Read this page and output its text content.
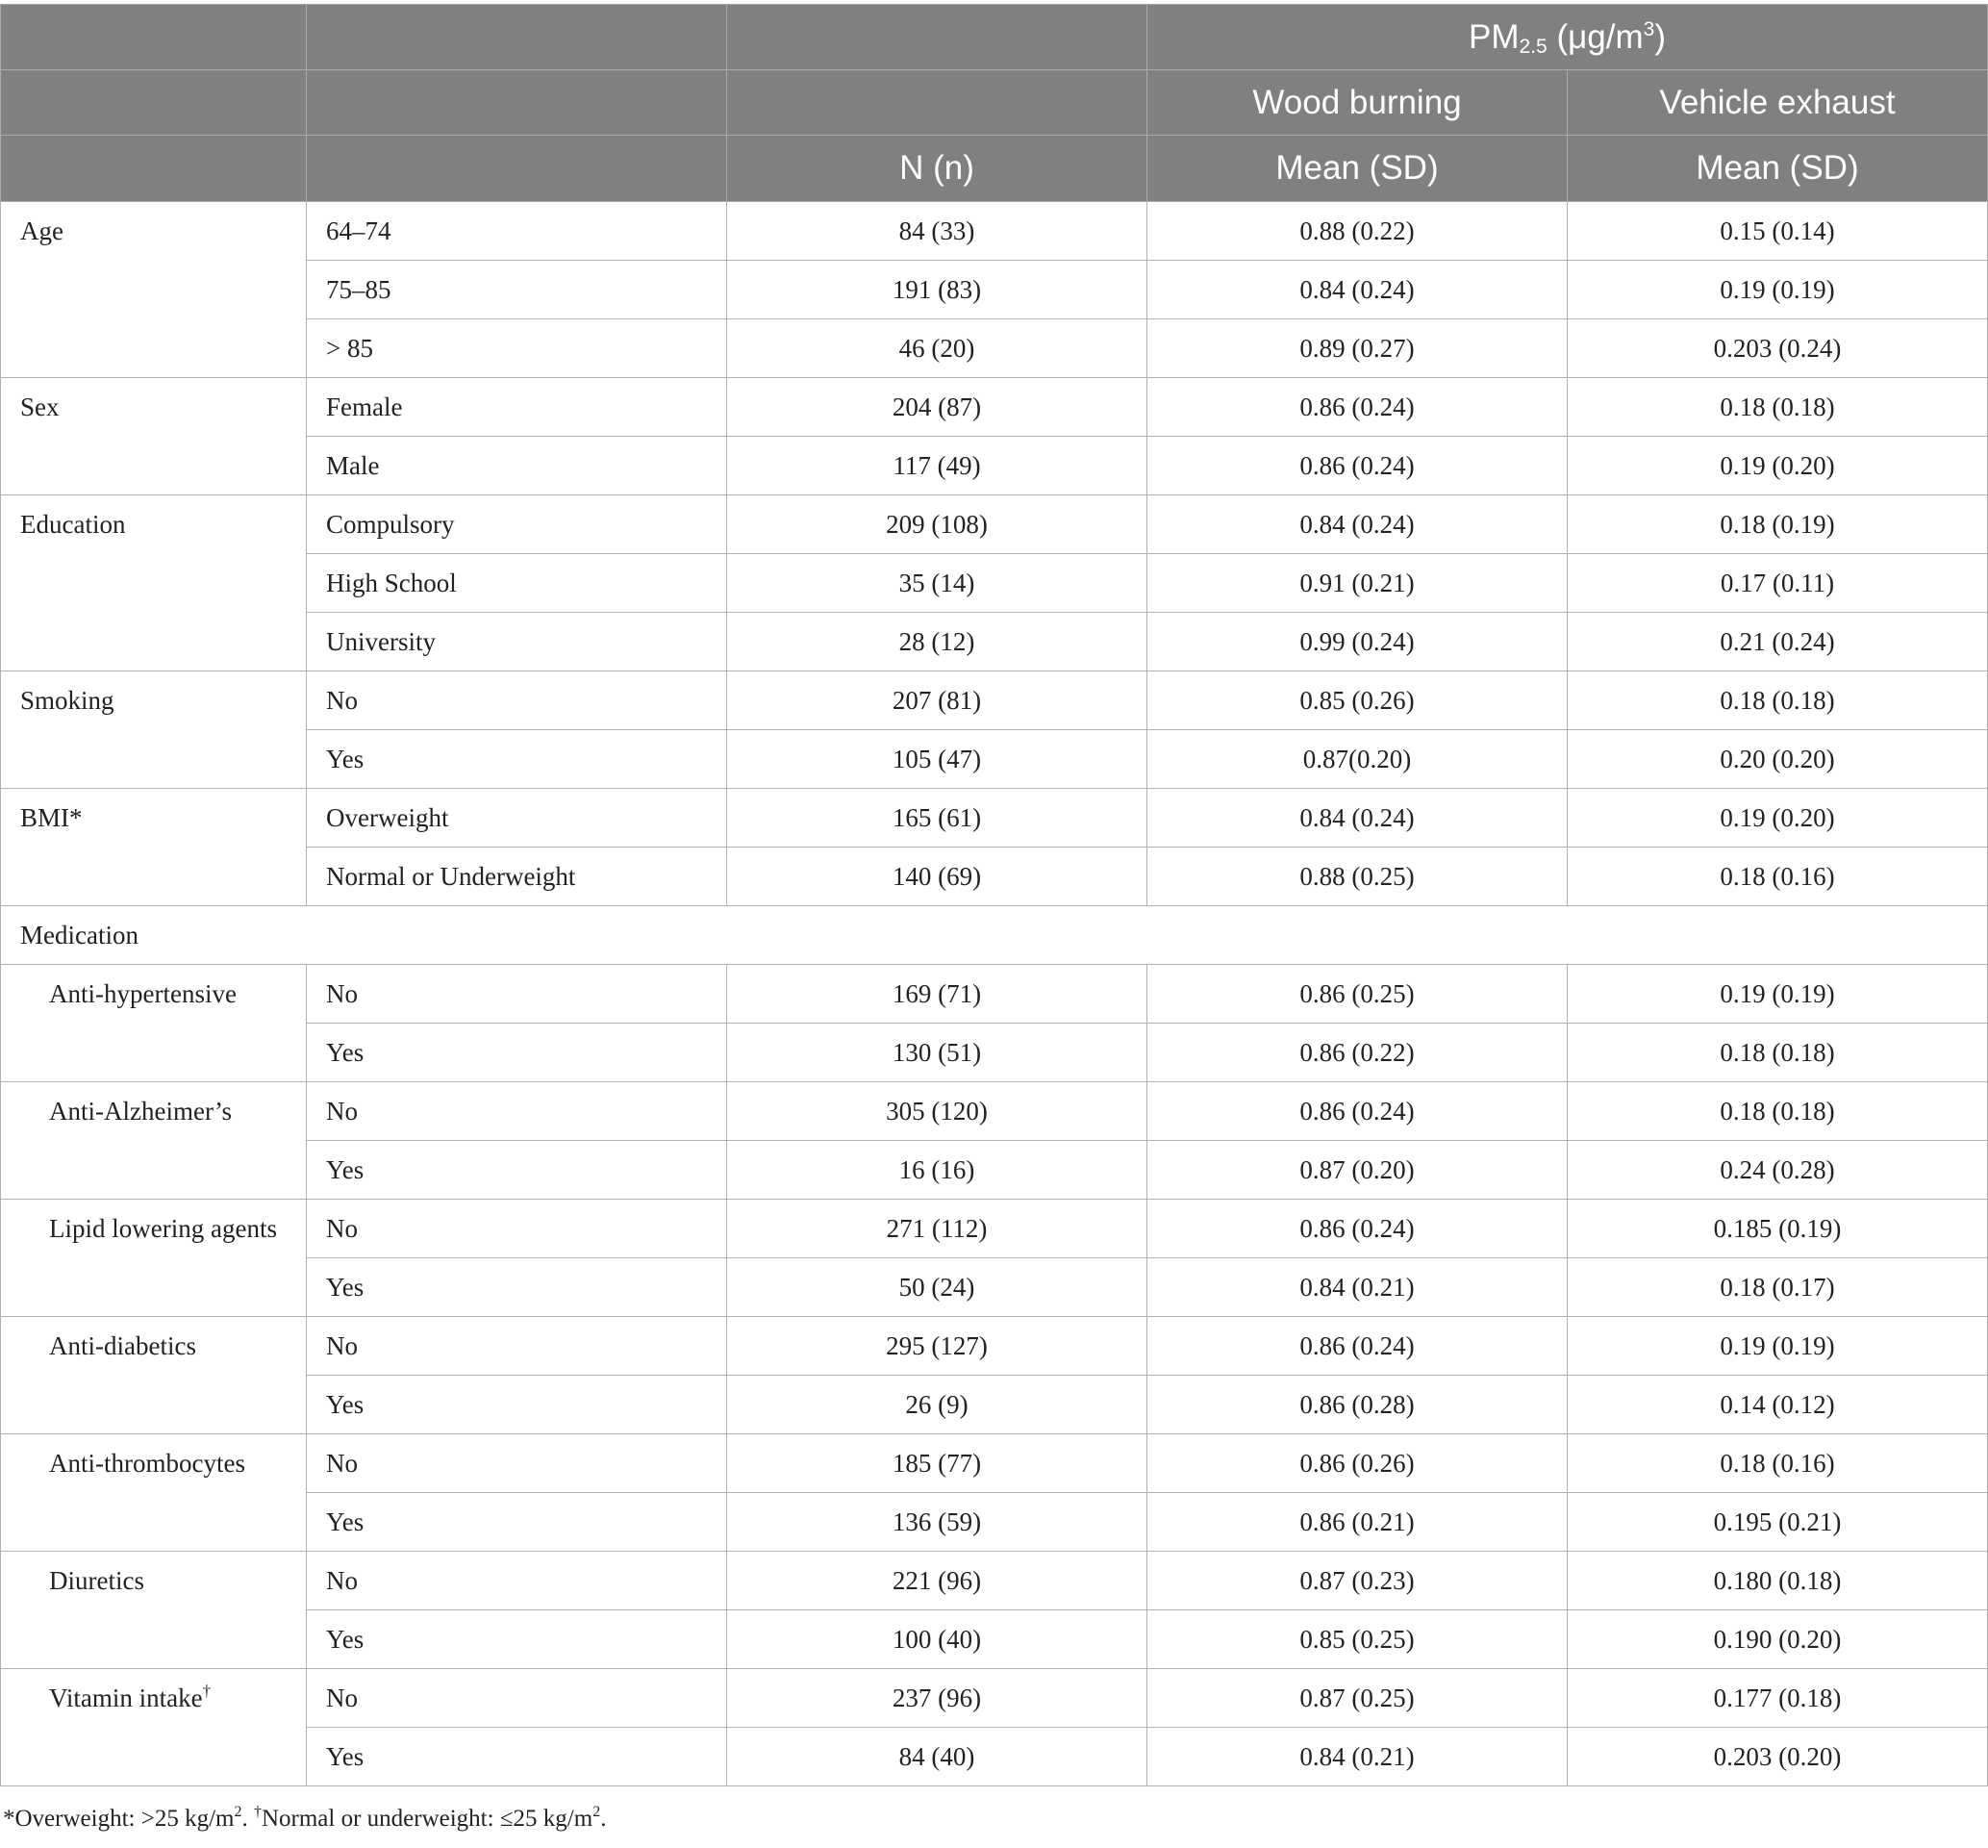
			$PM_{2.5}$ $(\mu g/m^3)$	
			Wood burning	Vehicle exhaust
		N (n)	Mean (SD)	Mean (SD)
Age	64–74	84 (33)	0.88 (0.22)	0.15 (0.14)
	75–85	191 (83)	0.84 (0.24)	0.19 (0.19)
	> 85	46 (20)	0.89 (0.27)	0.203 (0.24)
Sex	Female	204 (87)	0.86 (0.24)	0.18 (0.18)
	Male	117 (49)	0.86 (0.24)	0.19 (0.20)
Education	Compulsory	209 (108)	0.84 (0.24)	0.18 (0.19)
	High School	35 (14)	0.91 (0.21)	0.17 (0.11)
	University	28 (12)	0.99 (0.24)	0.21 (0.24)
Smoking	No	207 (81)	0.85 (0.26)	0.18 (0.18)
	Yes	105 (47)	0.87(0.20)	0.20 (0.20)
BMI*	Overweight	165 (61)	0.84 (0.24)	0.19 (0.20)
	Normal or Underweight	140 (69)	0.88 (0.25)	0.18 (0.16)
Medication				
Anti-hypertensive	No	169 (71)	0.86 (0.25)	0.19 (0.19)
	Yes	130 (51)	0.86 (0.22)	0.18 (0.18)
Anti-Alzheimer’s	No	305 (120)	0.86 (0.24)	0.18 (0.18)
	Yes	16 (16)	0.87 (0.20)	0.24 (0.28)
Lipid lowering agents	No	271 (112)	0.86 (0.24)	0.185 (0.19)
	Yes	50 (24)	0.84 (0.21)	0.18 (0.17)
Anti-diabetics	No	295 (127)	0.86 (0.24)	0.19 (0.19)
	Yes	26 (9)	0.86 (0.28)	0.14 (0.12)
Anti-thrombocytes	No	185 (77)	0.86 (0.26)	0.18 (0.16)
	Yes	136 (59)	0.86 (0.21)	0.195 (0.21)
Diuretics	No	221 (96)	0.87 (0.23)	0.180 (0.18)
	Yes	100 (40)	0.85 (0.25)	0.190 (0.20)
Vitamin intake†	No	237 (96)	0.87 (0.25)	0.177 (0.18)
	Yes	84 (40)	0.84 (0.21)	0.203 (0.20)
*Overweight: >25 $kg/m^2$. †Normal or underweight: ≤25 $kg/m^2$.
